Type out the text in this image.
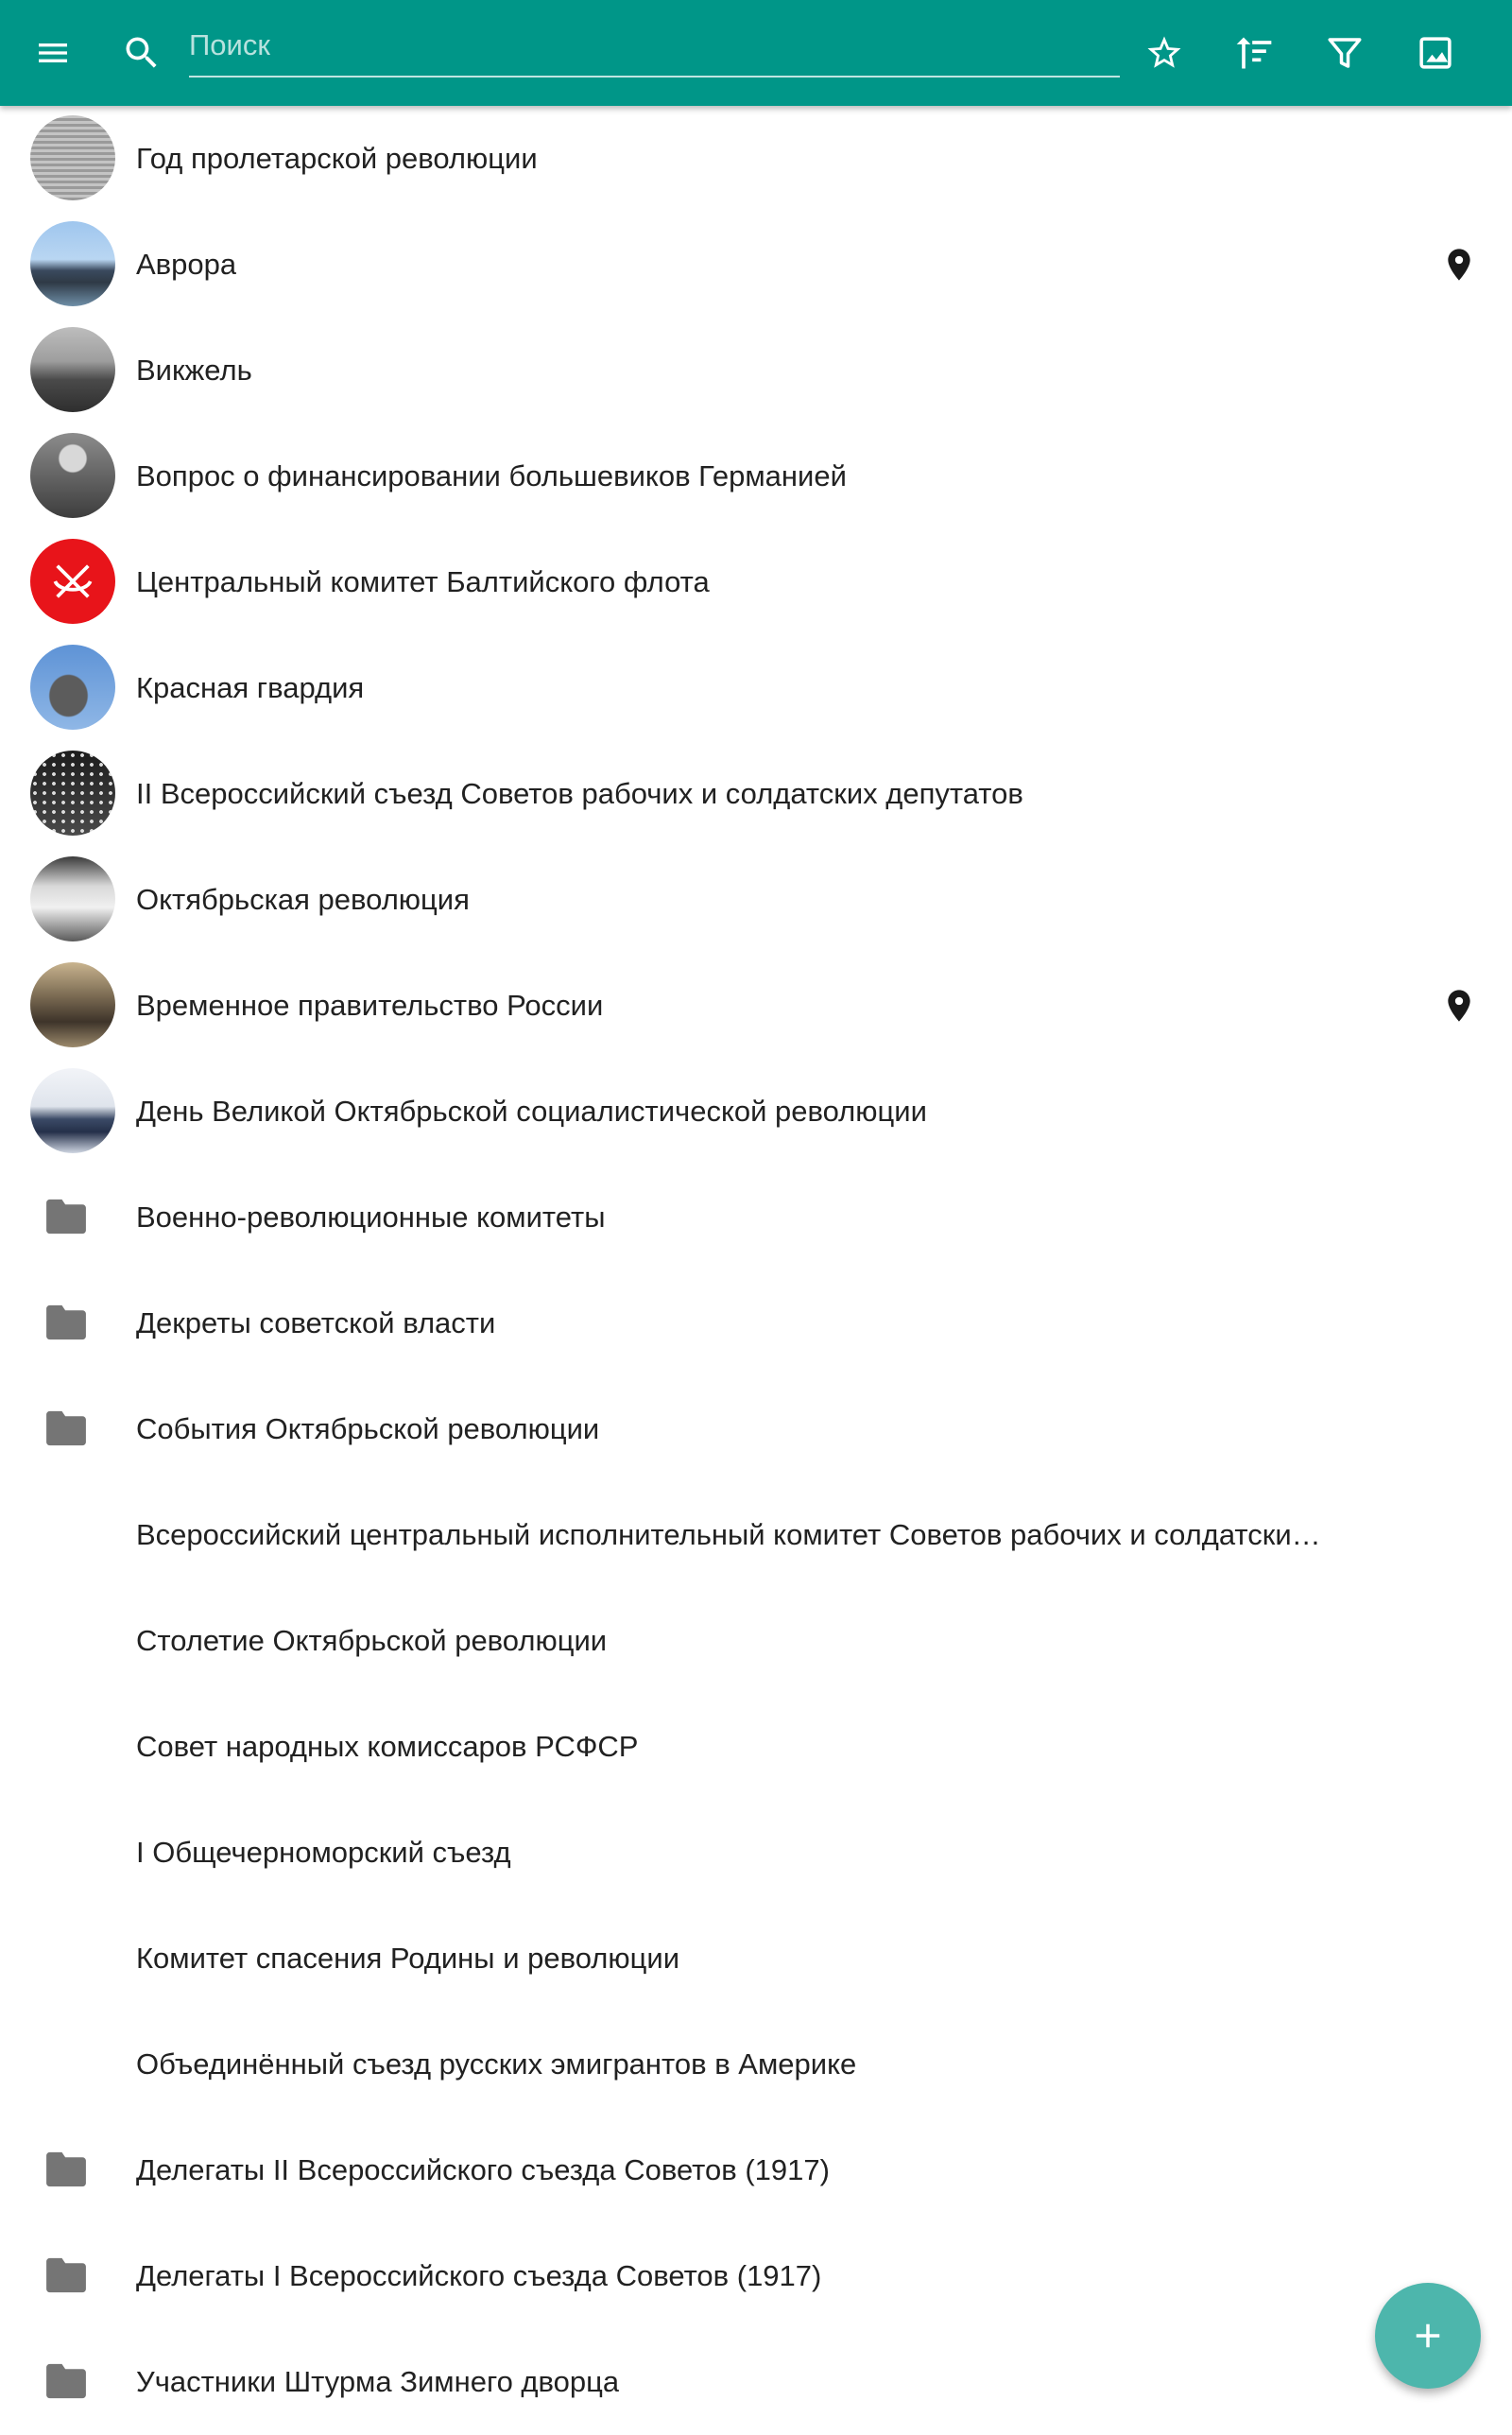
Поиск
Год пролетарской революции
Аврора
Викжель
Вопрос о финансировании большевиков Германией
Центральный комитет Балтийского флота
Красная гвардия
II Всероссийский съезд Советов рабочих и солдатских депутатов
Октябрьская революция
Временное правительство России
День Великой Октябрьской социалистической революции
Военно-революционные комитеты
Декреты советской власти
События Октябрьской революции
Всероссийский центральный исполнительный комитет Советов рабочих и солдатски…
Столетие Октябрьской революции
Совет народных комиссаров РСФСР
I Общечерноморский съезд
Комитет спасения Родины и революции
Объединённый съезд русских эмигрантов в Америке
Делегаты II Всероссийского съезда Советов (1917)
Делегаты I Всероссийского съезда Советов (1917)
Участники Штурма Зимнего дворца
